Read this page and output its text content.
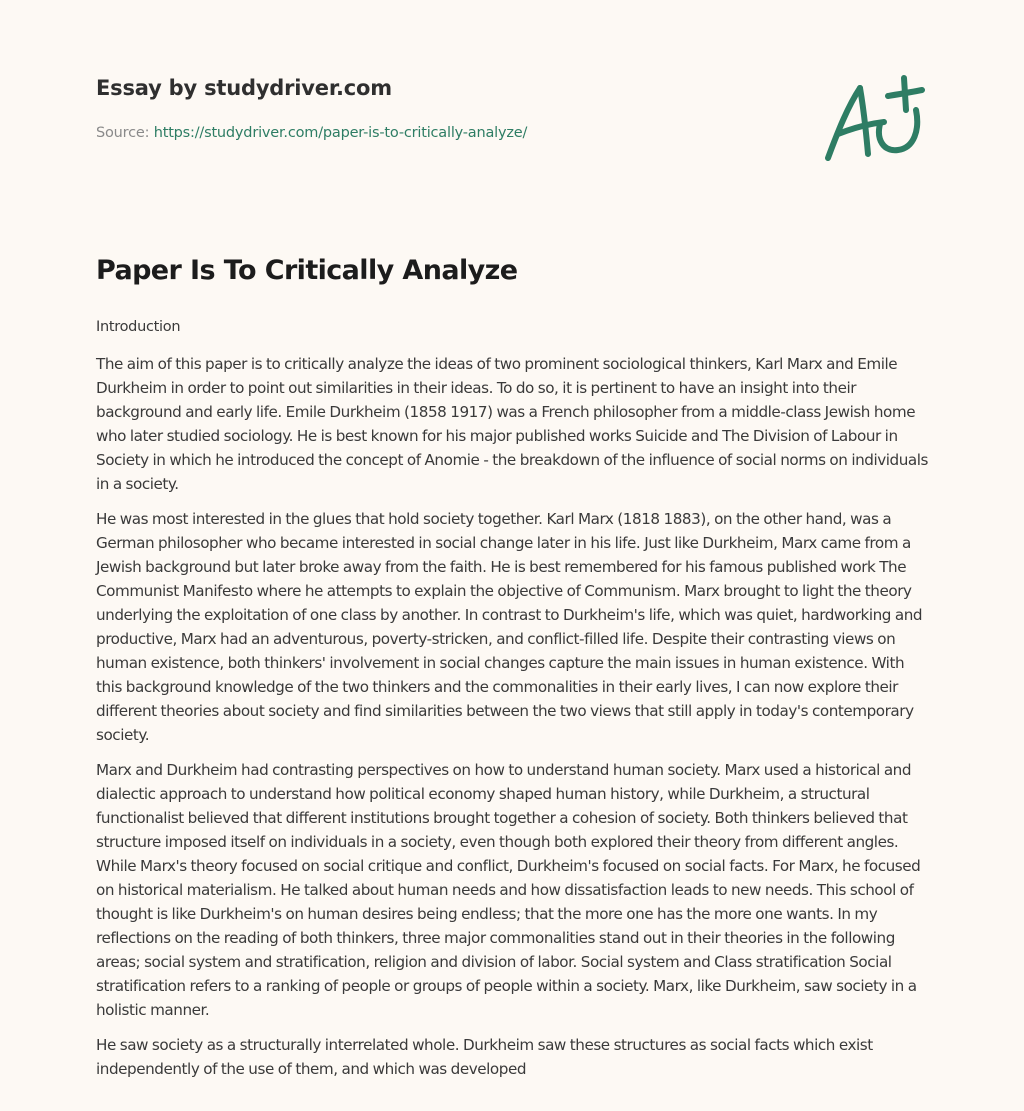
Essay by studydriver.com
Source: https://studydriver.com/paper-is-to-critically-analyze/
Paper Is To Critically Analyze
Introduction

The aim of this paper is to critically analyze the ideas of two prominent sociological thinkers, Karl Marx and Emile Durkheim in order to point out similarities in their ideas. To do so, it is pertinent to have an insight into their background and early life. Emile Durkheim (1858 1917) was a French philosopher from a middle-class Jewish home who later studied sociology. He is best known for his major published works Suicide and The Division of Labour in Society in which he introduced the concept of Anomie - the breakdown of the influence of social norms on individuals in a society.

He was most interested in the glues that hold society together. Karl Marx (1818 1883), on the other hand, was a German philosopher who became interested in social change later in his life. Just like Durkheim, Marx came from a Jewish background but later broke away from the faith. He is best remembered for his famous published work The Communist Manifesto where he attempts to explain the objective of Communism. Marx brought to light the theory underlying the exploitation of one class by another. In contrast to Durkheim's life, which was quiet, hardworking and productive, Marx had an adventurous, poverty-stricken, and conflict-filled life. Despite their contrasting views on human existence, both thinkers' involvement in social changes capture the main issues in human existence. With this background knowledge of the two thinkers and the commonalities in their early lives, I can now explore their different theories about society and find similarities between the two views that still apply in today's contemporary society.

Marx and Durkheim had contrasting perspectives on how to understand human society. Marx used a historical and dialectic approach to understand how political economy shaped human history, while Durkheim, a structural functionalist believed that different institutions brought together a cohesion of society. Both thinkers believed that structure imposed itself on individuals in a society, even though both explored their theory from different angles. While Marx's theory focused on social critique and conflict, Durkheim's focused on social facts. For Marx, he focused on historical materialism. He talked about human needs and how dissatisfaction leads to new needs. This school of thought is like Durkheim's on human desires being endless; that the more one has the more one wants. In my reflections on the reading of both thinkers, three major commonalities stand out in their theories in the following areas; social system and stratification, religion and division of labor. Social system and Class stratification Social stratification refers to a ranking of people or groups of people within a society. Marx, like Durkheim, saw society in a holistic manner.

He saw society as a structurally interrelated whole. Durkheim saw these structures as social facts which exist independently of the use of them, and which was developed
